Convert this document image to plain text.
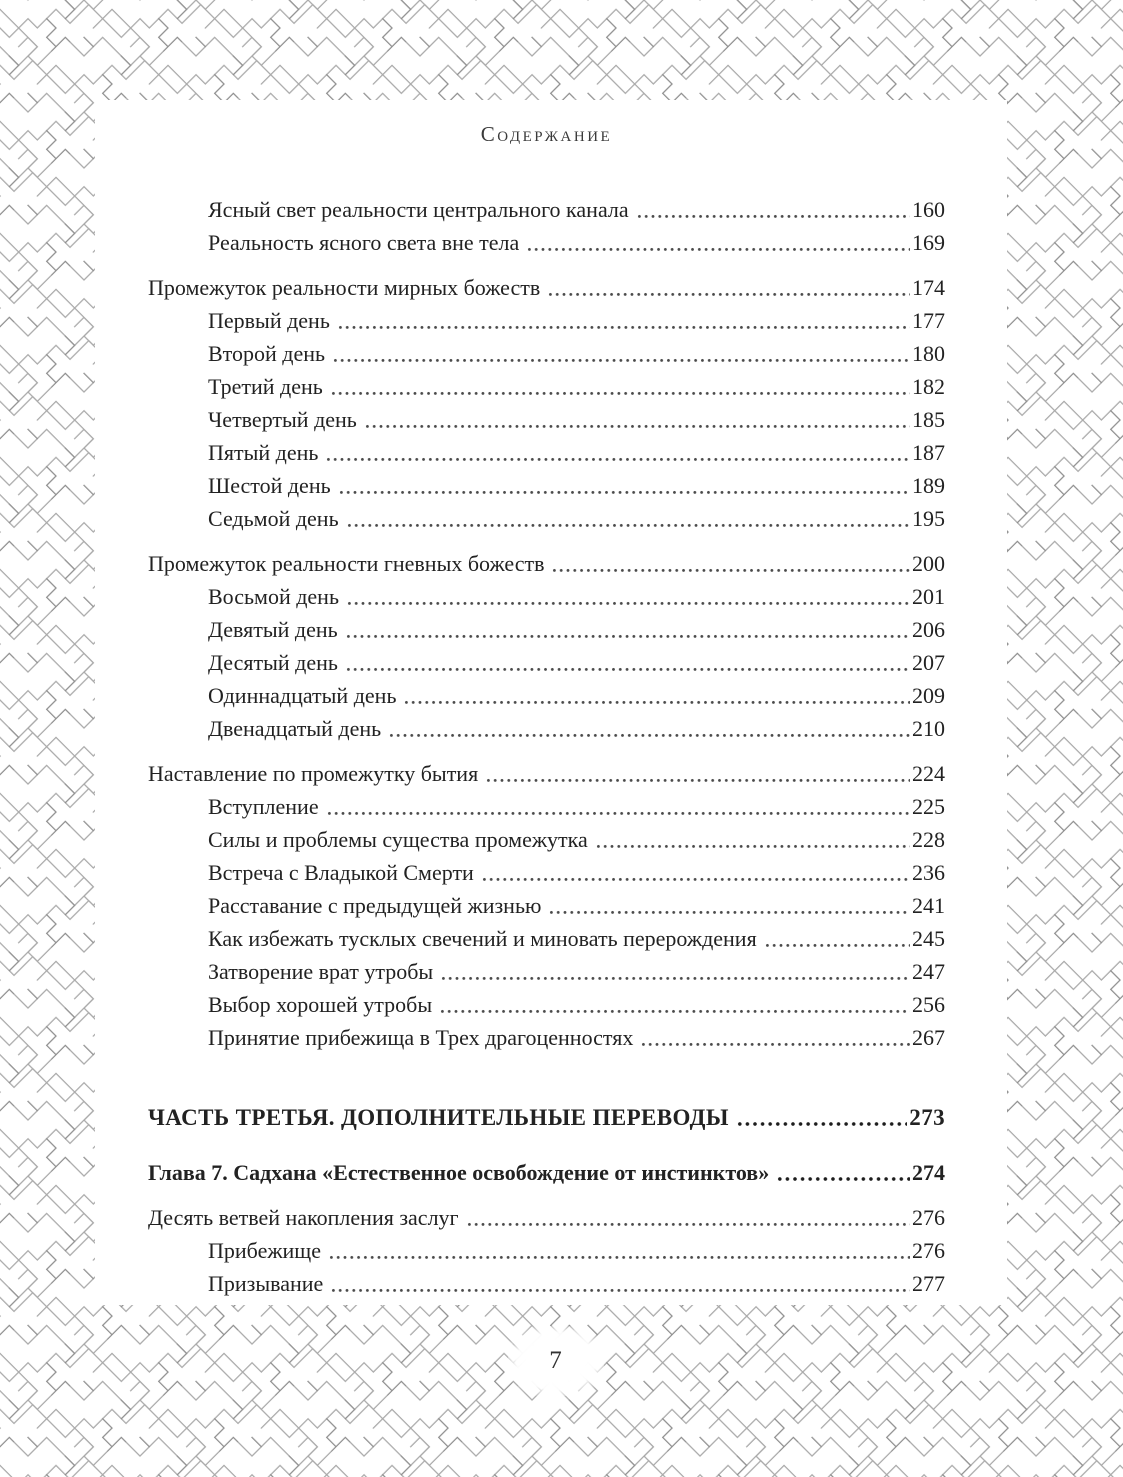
Содержание
Ясный свет реальности центрального канала	160
Реальность ясного света вне тела	169
Промежуток реальности мирных божеств	174
Первый день	177
Второй день	180
Третий день	182
Четвертый день	185
Пятый день	187
Шестой день	189
Седьмой день	195
Промежуток реальности гневных божеств	200
Восьмой день	201
Девятый день	206
Десятый день	207
Одиннадцатый день	209
Двенадцатый день	210
Наставление по промежутку бытия	224
Вступление	225
Силы и проблемы существа промежутка	228
Встреча с Владыкой Смерти	236
Расставание с предыдущей жизнью	241
Как избежать тусклых свечений и миновать перерождения	245
Затворение врат утробы	247
Выбор хорошей утробы	256
Принятие прибежища в Трех драгоценностях	267
ЧАСТЬ ТРЕТЬЯ. ДОПОЛНИТЕЛЬНЫЕ ПЕРЕВОДЫ	273
Глава 7. Садхана «Естественное освобождение от инстинктов»	274
Десять ветвей накопления заслуг	276
Прибежище	276
Призывание	277
7
